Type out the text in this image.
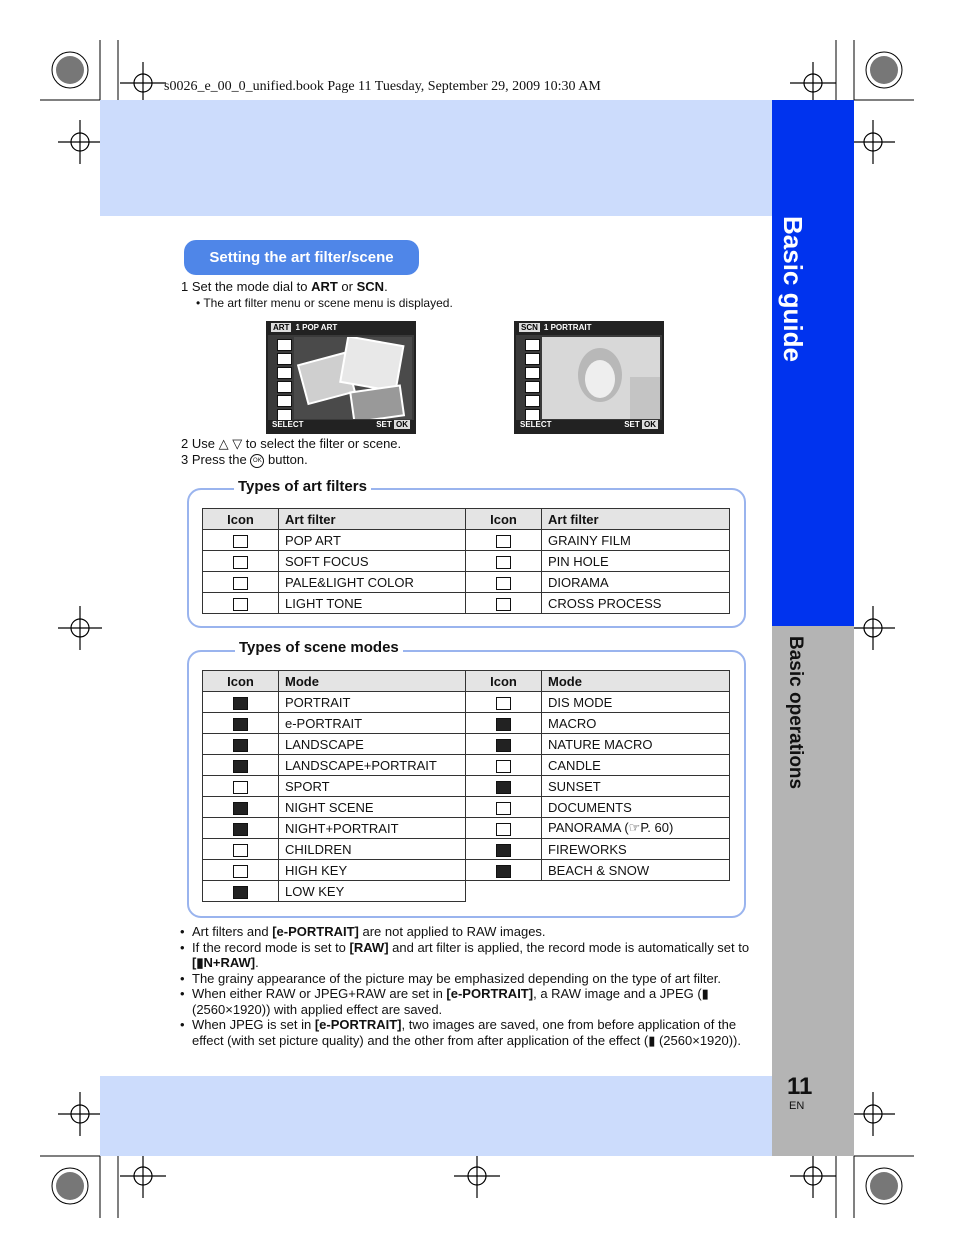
s0026_e_00_0_unified.book Page 11 Tuesday, September 29, 2009 10:30 AM
Basic guide
Basic operations
Setting the art filter/scene
1 Set the mode dial to ART or SCN.
• The art filter menu or scene menu is displayed.
ART 1 POP ART
SELECT	SET OK
SCN 1 PORTRAIT
SELECT	SET OK
2 Use △ ▽ to select the filter or scene.
3 Press the OK button.
Types of art filters
Icon	Art filter	Icon	Art filter
	POP ART		GRAINY FILM
	SOFT FOCUS		PIN HOLE
	PALE&LIGHT COLOR		DIORAMA
	LIGHT TONE		CROSS PROCESS
Types of scene modes
Icon	Mode	Icon	Mode
	PORTRAIT		DIS MODE
	e-PORTRAIT		MACRO
	LANDSCAPE		NATURE MACRO
	LANDSCAPE+PORTRAIT		CANDLE
	SPORT		SUNSET
	NIGHT SCENE		DOCUMENTS
	NIGHT+PORTRAIT		PANORAMA (☞P. 60)
	CHILDREN		FIREWORKS
	HIGH KEY		BEACH & SNOW
	LOW KEY		
• Art filters and [e-PORTRAIT] are not applied to RAW images.
• If the record mode is set to [RAW] and art filter is applied, the record mode is automatically set to [▮N+RAW].
• The grainy appearance of the picture may be emphasized depending on the type of art filter.
• When either RAW or JPEG+RAW are set in [e-PORTRAIT], a RAW image and a JPEG (▮ (2560×1920)) with applied effect are saved.
• When JPEG is set in [e-PORTRAIT], two images are saved, one from before application of the effect (with set picture quality) and the other from after application of the effect (▮ (2560×1920)).
11
EN
